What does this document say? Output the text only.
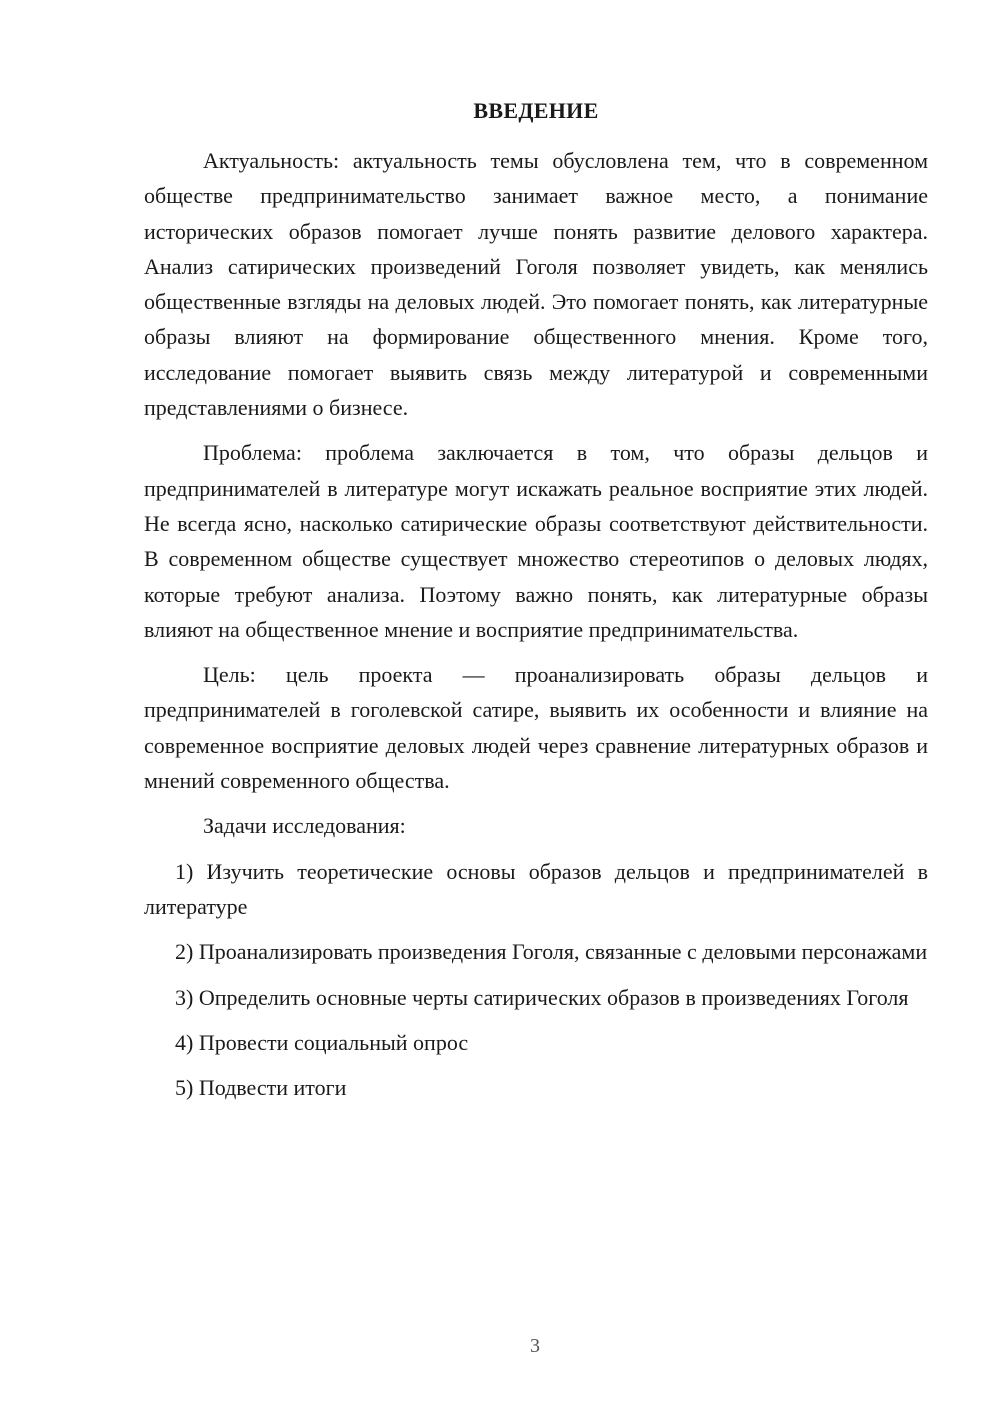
ВВЕДЕНИЕ

Актуальность: актуальность темы обусловлена тем, что в современном обществе предпринимательство занимает важное место, а понимание исторических образов помогает лучше понять развитие делового характера. Анализ сатирических произведений Гоголя позволяет увидеть, как менялись общественные взгляды на деловых людей. Это помогает понять, как литературные образы влияют на формирование общественного мнения. Кроме того, исследование помогает выявить связь между литературой и современными представлениями о бизнесе.

Проблема: проблема заключается в том, что образы дельцов и предпринимателей в литературе могут искажать реальное восприятие этих людей. Не всегда ясно, насколько сатирические образы соответствуют действительности. В современном обществе существует множество стереотипов о деловых людях, которые требуют анализа. Поэтому важно понять, как литературные образы влияют на общественное мнение и восприятие предпринимательства.

Цель: цель проекта — проанализировать образы дельцов и предпринимателей в гоголевской сатире, выявить их особенности и влияние на современное восприятие деловых людей через сравнение литературных образов и мнений современного общества.

Задачи исследования:

1) Изучить теоретические основы образов дельцов и предпринимателей в литературе

2) Проанализировать произведения Гоголя, связанные с деловыми персонажами

3) Определить основные черты сатирических образов в произведениях Гоголя

4) Провести социальный опрос

5) Подвести итоги

3
